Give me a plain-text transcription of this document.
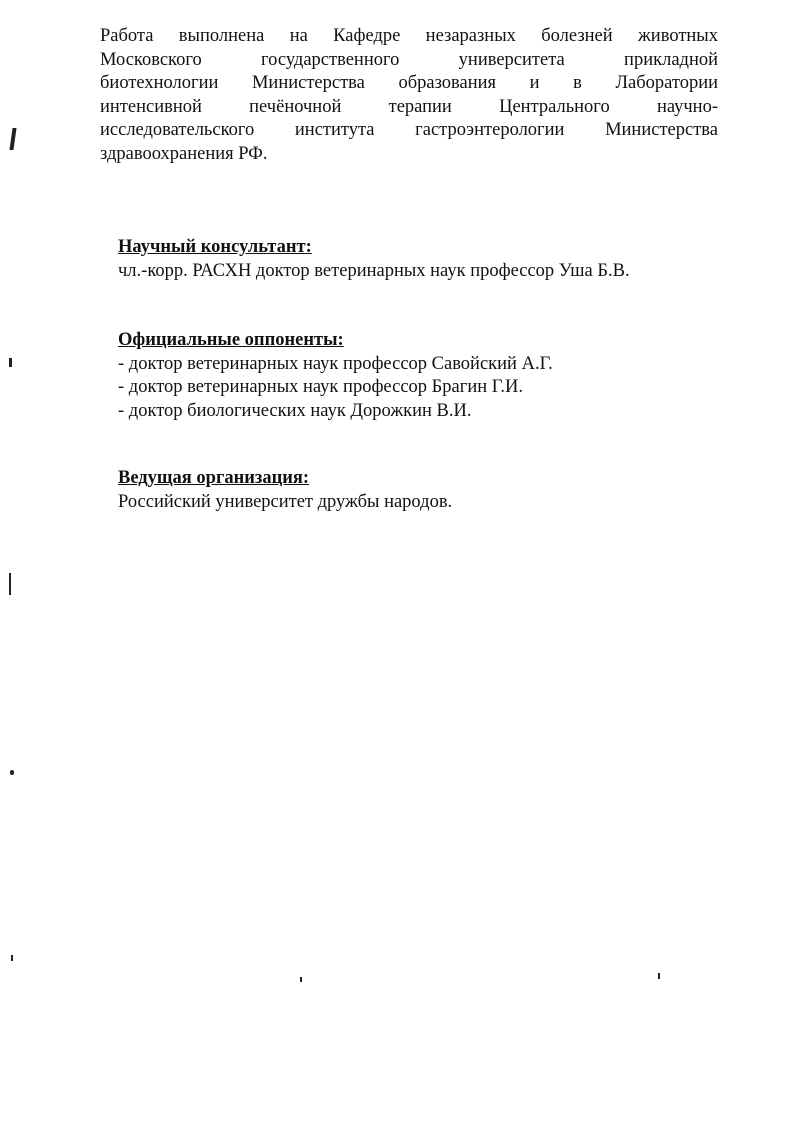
Работа выполнена на Кафедре незаразных болезней животных
Московского государственного университета прикладной
биотехнологии Министерства образования и в Лаборатории
интенсивной печёночной терапии Центрального научно-
исследовательского института гастроэнтерологии Министерства
здравоохранения РФ.
Научный консультант:
чл.-корр. РАСХН доктор ветеринарных наук профессор Уша Б.В.
Официальные оппоненты:
- доктор ветеринарных наук профессор Савойский А.Г.
- доктор ветеринарных наук профессор Брагин Г.И.
- доктор биологических наук Дорожкин В.И.
Ведущая организация:
Российский университет дружбы народов.
